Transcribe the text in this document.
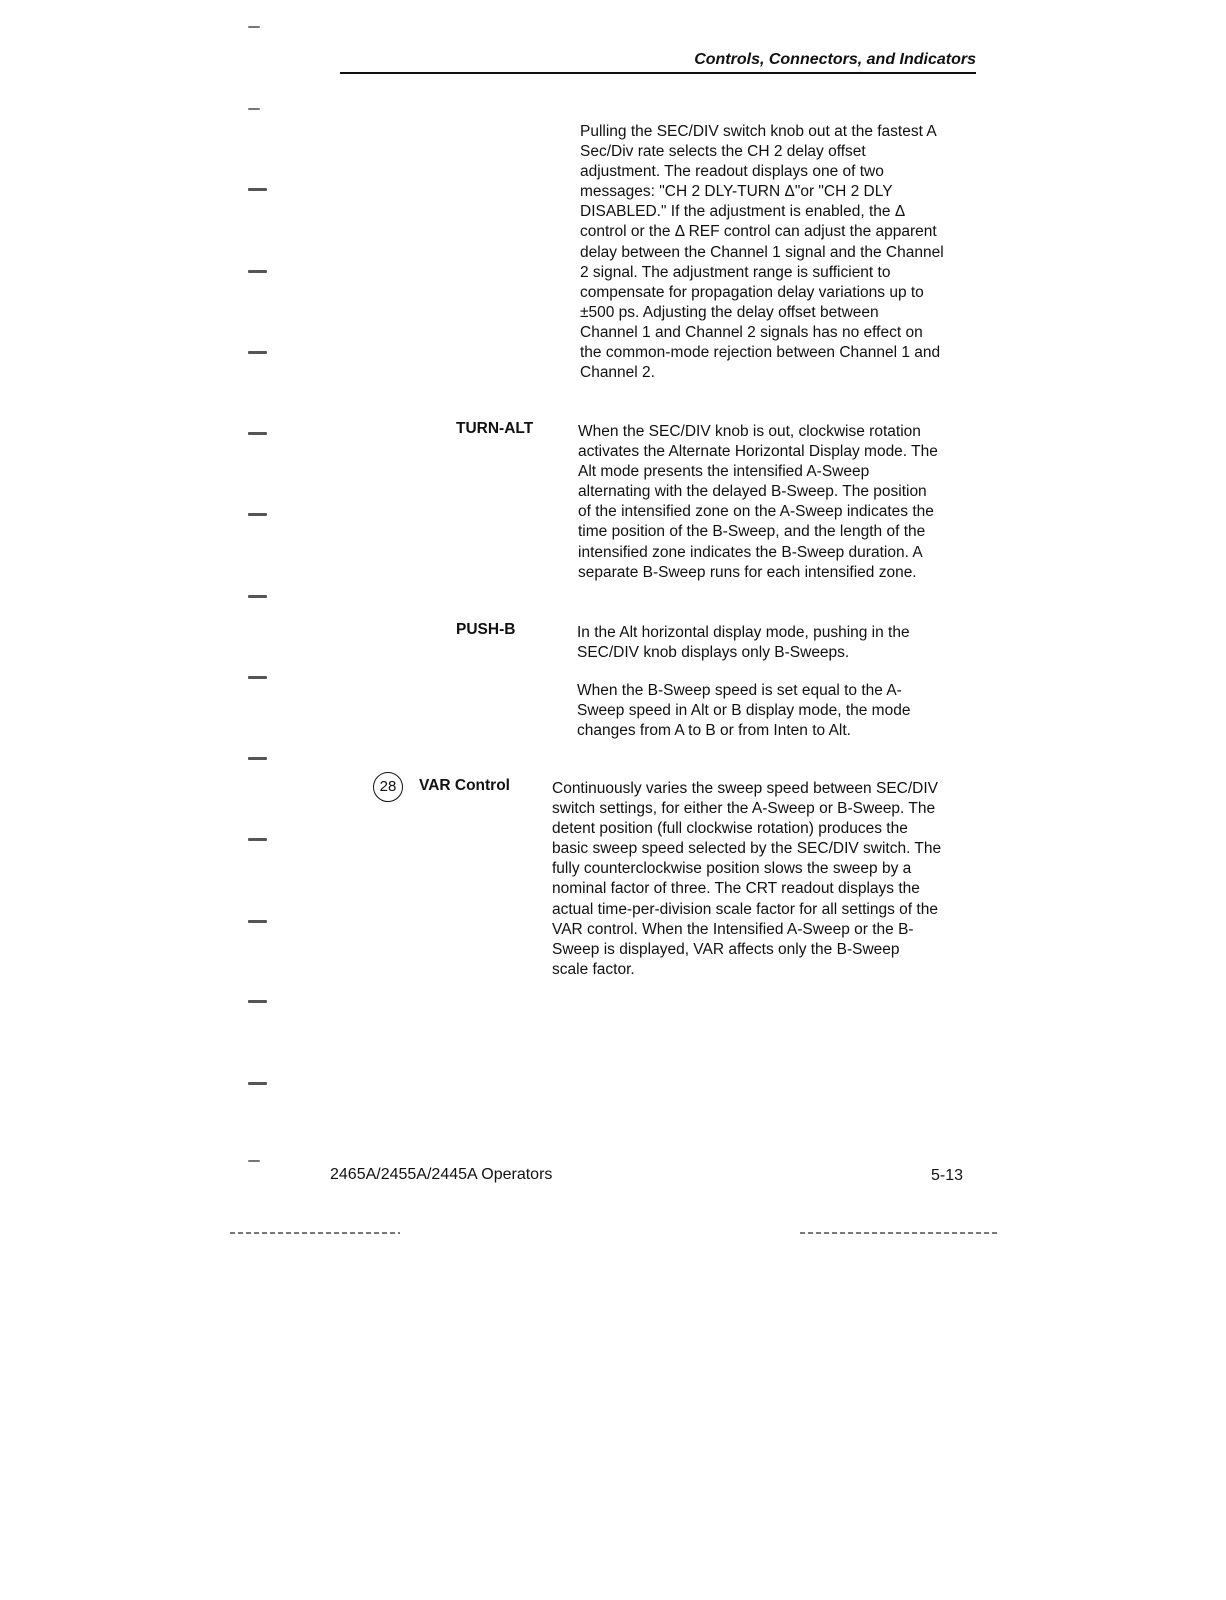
Controls, Connectors, and Indicators
Pulling the SEC/DIV switch knob out at the fastest A
Sec/Div rate selects the CH 2 delay offset
adjustment. The readout displays one of two
messages: "CH 2 DLY-TURN Δ"or "CH 2 DLY
DISABLED." If the adjustment is enabled, the Δ
control or the Δ REF control can adjust the apparent
delay between the Channel 1 signal and the Channel
2 signal. The adjustment range is sufficient to
compensate for propagation delay variations up to
±500 ps. Adjusting the delay offset between
Channel 1 and Channel 2 signals has no effect on
the common-mode rejection between Channel 1 and
Channel 2.
TURN-ALT	When the SEC/DIV knob is out, clockwise rotation
activates the Alternate Horizontal Display mode. The
Alt mode presents the intensified A-Sweep
alternating with the delayed B-Sweep. The position
of the intensified zone on the A-Sweep indicates the
time position of the B-Sweep, and the length of the
intensified zone indicates the B-Sweep duration. A
separate B-Sweep runs for each intensified zone.
PUSH-B	In the Alt horizontal display mode, pushing in the
SEC/DIV knob displays only B-Sweeps.
When the B-Sweep speed is set equal to the A-
Sweep speed in Alt or B display mode, the mode
changes from A to B or from Inten to Alt.
28	VAR Control	Continuously varies the sweep speed between SEC/DIV
switch settings, for either the A-Sweep or B-Sweep. The
detent position (full clockwise rotation) produces the
basic sweep speed selected by the SEC/DIV switch. The
fully counterclockwise position slows the sweep by a
nominal factor of three. The CRT readout displays the
actual time-per-division scale factor for all settings of the
VAR control. When the Intensified A-Sweep or the B-
Sweep is displayed, VAR affects only the B-Sweep
scale factor.
2465A/2455A/2445A Operators	5-13
